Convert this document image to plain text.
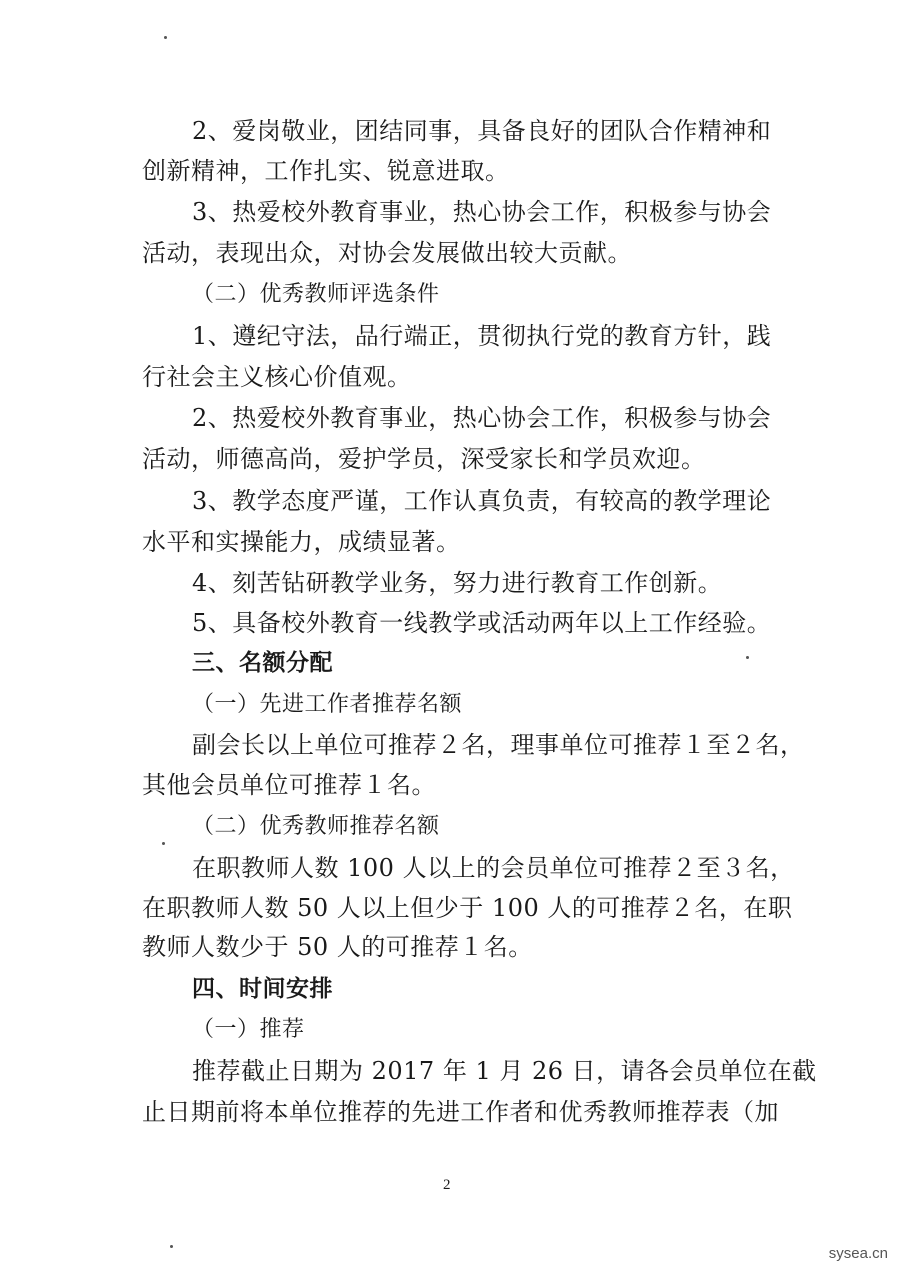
2、爱岗敬业，团结同事，具备良好的团队合作精神和
创新精神，工作扎实、锐意进取。
3、热爱校外教育事业，热心协会工作，积极参与协会
活动，表现出众，对协会发展做出较大贡献。
（二）优秀教师评选条件
1、遵纪守法，品行端正，贯彻执行党的教育方针，践
行社会主义核心价值观。
2、热爱校外教育事业，热心协会工作，积极参与协会
活动，师德高尚，爱护学员，深受家长和学员欢迎。
3、教学态度严谨，工作认真负责，有较高的教学理论
水平和实操能力，成绩显著。
4、刻苦钻研教学业务，努力进行教育工作创新。
5、具备校外教育一线教学或活动两年以上工作经验。
三、名额分配
（一）先进工作者推荐名额
副会长以上单位可推荐２名，理事单位可推荐１至２名，
其他会员单位可推荐１名。
（二）优秀教师推荐名额
在职教师人数 100 人以上的会员单位可推荐２至３名，
在职教师人数 50 人以上但少于 100 人的可推荐２名，在职
教师人数少于 50 人的可推荐１名。
四、时间安排
（一）推荐
推荐截止日期为 2017 年 1 月 26 日，请各会员单位在截
止日期前将本单位推荐的先进工作者和优秀教师推荐表（加
2
sysea.cn
